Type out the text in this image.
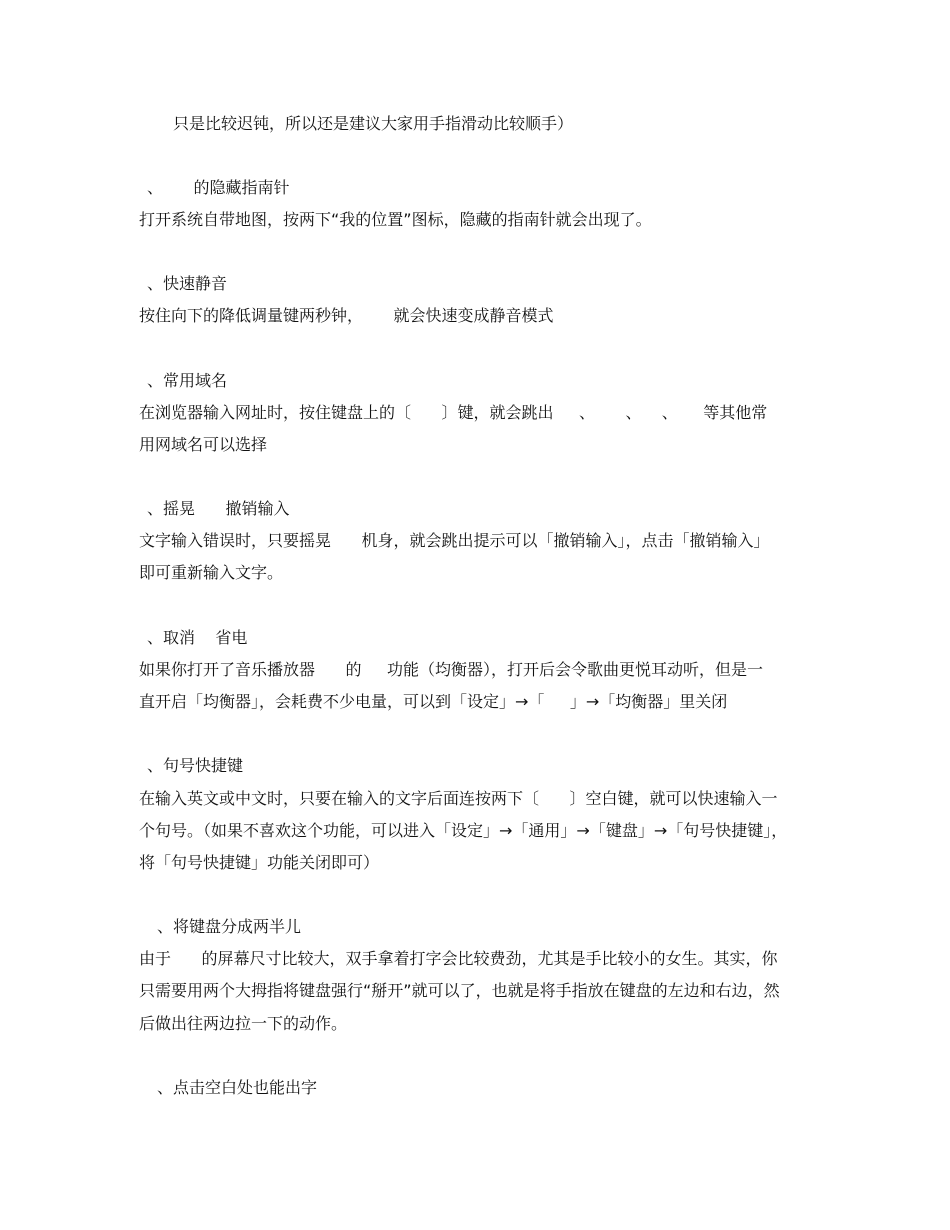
只是比较迟钝，所以还是建议大家用手指滑动比较顺手）
、      的隐藏指南针
打开系统自带地图，按两下“我的位置”图标，隐藏的指南针就会出现了。
、快速静音
按住向下的降低调量键两秒钟，      就会快速变成静音模式
、常用域名
在浏览器输入网址时，按住键盘上的〔      〕键，就会跳出     、      、    、     等其他常
用网域名可以选择
、摇晃      撤销输入
文字输入错误时，只要摇晃      机身，就会跳出提示可以「撤销输入」，点击「撤销输入」
即可重新输入文字。
、取消    省电
如果你打开了音乐播放器      的     功能（均衡器），打开后会令歌曲更悦耳动听，但是一
直开启「均衡器」，会耗费不少电量，可以到「设定」→「     」→「均衡器」里关闭
、句号快捷键
在输入英文或中文时，只要在输入的文字后面连按两下〔      〕空白键，就可以快速输入一
个句号。（如果不喜欢这个功能，可以进入「设定」→「通用」→「键盘」→「句号快捷键」，
将「句号快捷键」功能关闭即可）
、将键盘分成两半儿
由于      的屏幕尺寸比较大，双手拿着打字会比较费劲，尤其是手比较小的女生。其实，你
只需要用两个大拇指将键盘强行“掰开”就可以了，也就是将手指放在键盘的左边和右边，然
后做出往两边拉一下的动作。
、点击空白处也能出字
